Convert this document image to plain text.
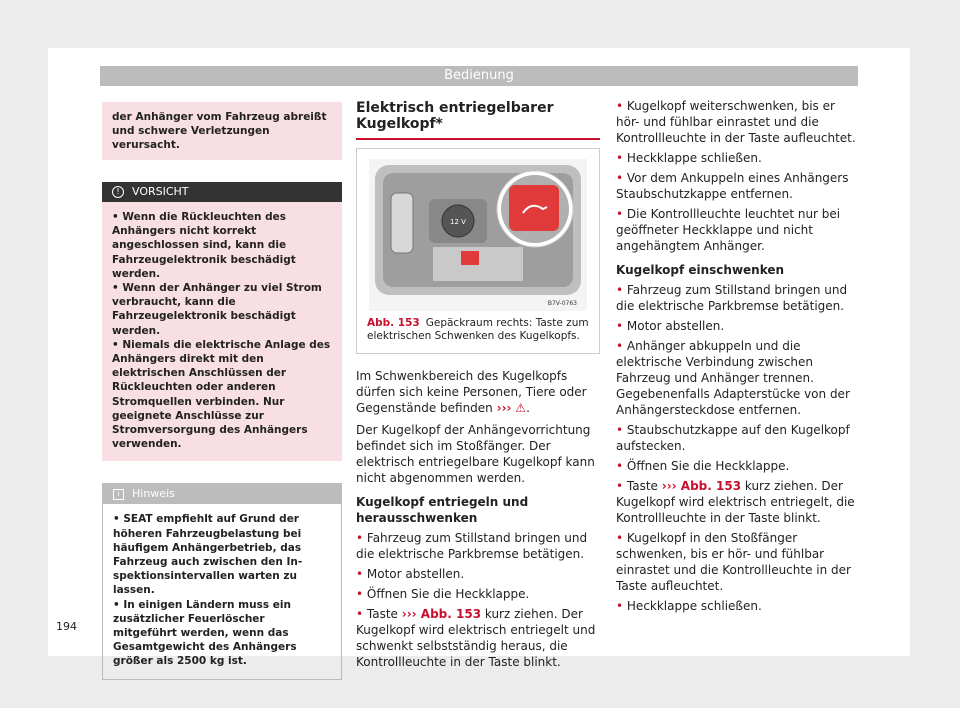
Bedienung
der Anhänger vom Fahrzeug abreißt und schwere Verletzungen verursacht.
! VORSICHT
• Wenn die Rückleuchten des Anhängers nicht korrekt angeschlossen sind, kann die Fahrzeugelektronik beschädigt werden.
• Wenn der Anhänger zu viel Strom verbraucht, kann die Fahrzeugelektronik beschädigt werden.
• Niemals die elektrische Anlage des Anhängers direkt mit den elektrischen Anschlüssen der Rückleuchten oder anderen Stromquellen verbinden. Nur geeignete Anschlüsse zur Stromversorgung des Anhängers verwenden.
i Hinweis
• SEAT empfiehlt auf Grund der höheren Fahrzeugbelastung bei häufigem Anhängerbetrieb, das Fahrzeug auch zwischen den Inspektionsintervallen warten zu lassen.
• In einigen Ländern muss ein zusätzlicher Feuerlöscher mitgeführt werden, wenn das Gesamtgewicht des Anhängers größer als 2500 kg ist.
Elektrisch entriegelbarer Kugelkopf*
12 V
B7V-0763
Abb. 153 Gepäckraum rechts: Taste zum elektrischen Schwenken des Kugelkopfs.

Im Schwenkbereich des Kugelkopfs dürfen sich keine Personen, Tiere oder Gegenstände befinden ››› ⚠.

Der Kugelkopf der Anhängevorrichtung befindet sich im Stoßfänger. Der elektrisch entriegelbare Kugelkopf kann nicht abgenommen werden.

Kugelkopf entriegeln und herausschwenken
• Fahrzeug zum Stillstand bringen und die elektrische Parkbremse betätigen.
• Motor abstellen.
• Öffnen Sie die Heckklappe.
• Taste ››› Abb. 153 kurz ziehen. Der Kugelkopf wird elektrisch entriegelt und schwenkt selbstständig heraus, die Kontrollleuchte in der Taste blinkt.
• Kugelkopf weiterschwenken, bis er hör- und fühlbar einrastet und die Kontrollleuchte in der Taste aufleuchtet.
• Heckklappe schließen.
• Vor dem Ankuppeln eines Anhängers Staubschutzkappe entfernen.
• Die Kontrollleuchte leuchtet nur bei geöffneter Heckklappe und nicht angehängtem Anhänger.
Kugelkopf einschwenken
• Fahrzeug zum Stillstand bringen und die elektrische Parkbremse betätigen.
• Motor abstellen.
• Anhänger abkuppeln und die elektrische Verbindung zwischen Fahrzeug und Anhänger trennen. Gegebenenfalls Adapterstücke von der Anhängersteckdose entfernen.
• Staubschutzkappe auf den Kugelkopf aufstecken.
• Öffnen Sie die Heckklappe.
• Taste ››› Abb. 153 kurz ziehen. Der Kugelkopf wird elektrisch entriegelt, die Kontrollleuchte in der Taste blinkt.
• Kugelkopf in den Stoßfänger schwenken, bis er hör- und fühlbar einrastet und die Kontrollleuchte in der Taste aufleuchtet.
• Heckklappe schließen.
194
